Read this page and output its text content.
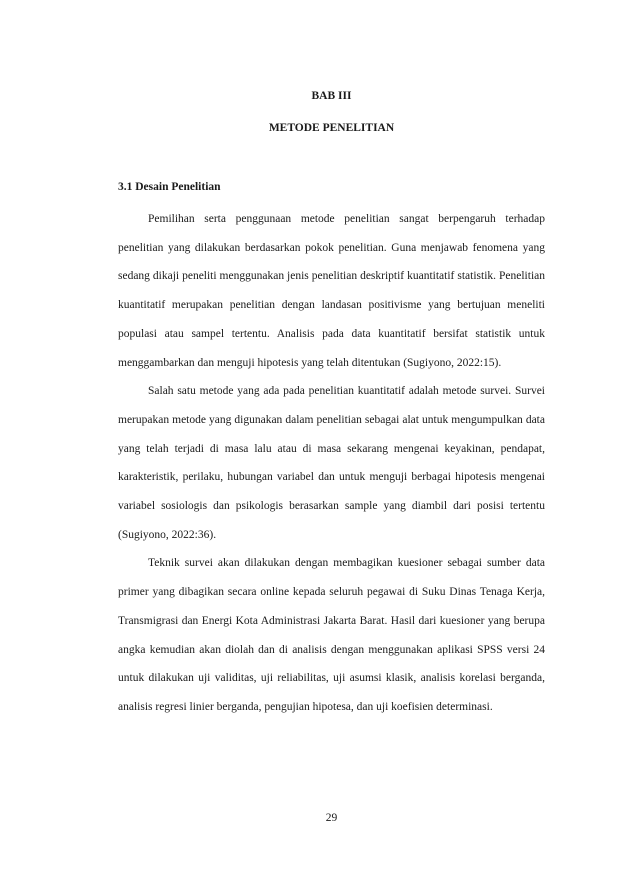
BAB III

METODE PENELITIAN

3.1 Desain Penelitian

Pemilihan serta penggunaan metode penelitian sangat berpengaruh terhadap penelitian yang dilakukan berdasarkan pokok penelitian. Guna menjawab fenomena yang sedang dikaji peneliti menggunakan jenis penelitian deskriptif kuantitatif statistik. Penelitian kuantitatif merupakan penelitian dengan landasan positivisme yang bertujuan meneliti populasi atau sampel tertentu. Analisis pada data kuantitatif bersifat statistik untuk menggambarkan dan menguji hipotesis yang telah ditentukan (Sugiyono, 2022:15).

Salah satu metode yang ada pada penelitian kuantitatif adalah metode survei. Survei merupakan metode yang digunakan dalam penelitian sebagai alat untuk mengumpulkan data yang telah terjadi di masa lalu atau di masa sekarang mengenai keyakinan, pendapat, karakteristik, perilaku, hubungan variabel dan untuk menguji berbagai hipotesis mengenai variabel sosiologis dan psikologis berasarkan sample yang diambil dari posisi tertentu (Sugiyono, 2022:36).

Teknik survei akan dilakukan dengan membagikan kuesioner sebagai sumber data primer yang dibagikan secara online kepada seluruh pegawai di Suku Dinas Tenaga Kerja, Transmigrasi dan Energi Kota Administrasi Jakarta Barat. Hasil dari kuesioner yang berupa angka kemudian akan diolah dan di analisis dengan menggunakan aplikasi SPSS versi 24 untuk dilakukan uji validitas, uji reliabilitas, uji asumsi klasik, analisis korelasi berganda, analisis regresi linier berganda, pengujian hipotesa, dan uji koefisien determinasi.

29
